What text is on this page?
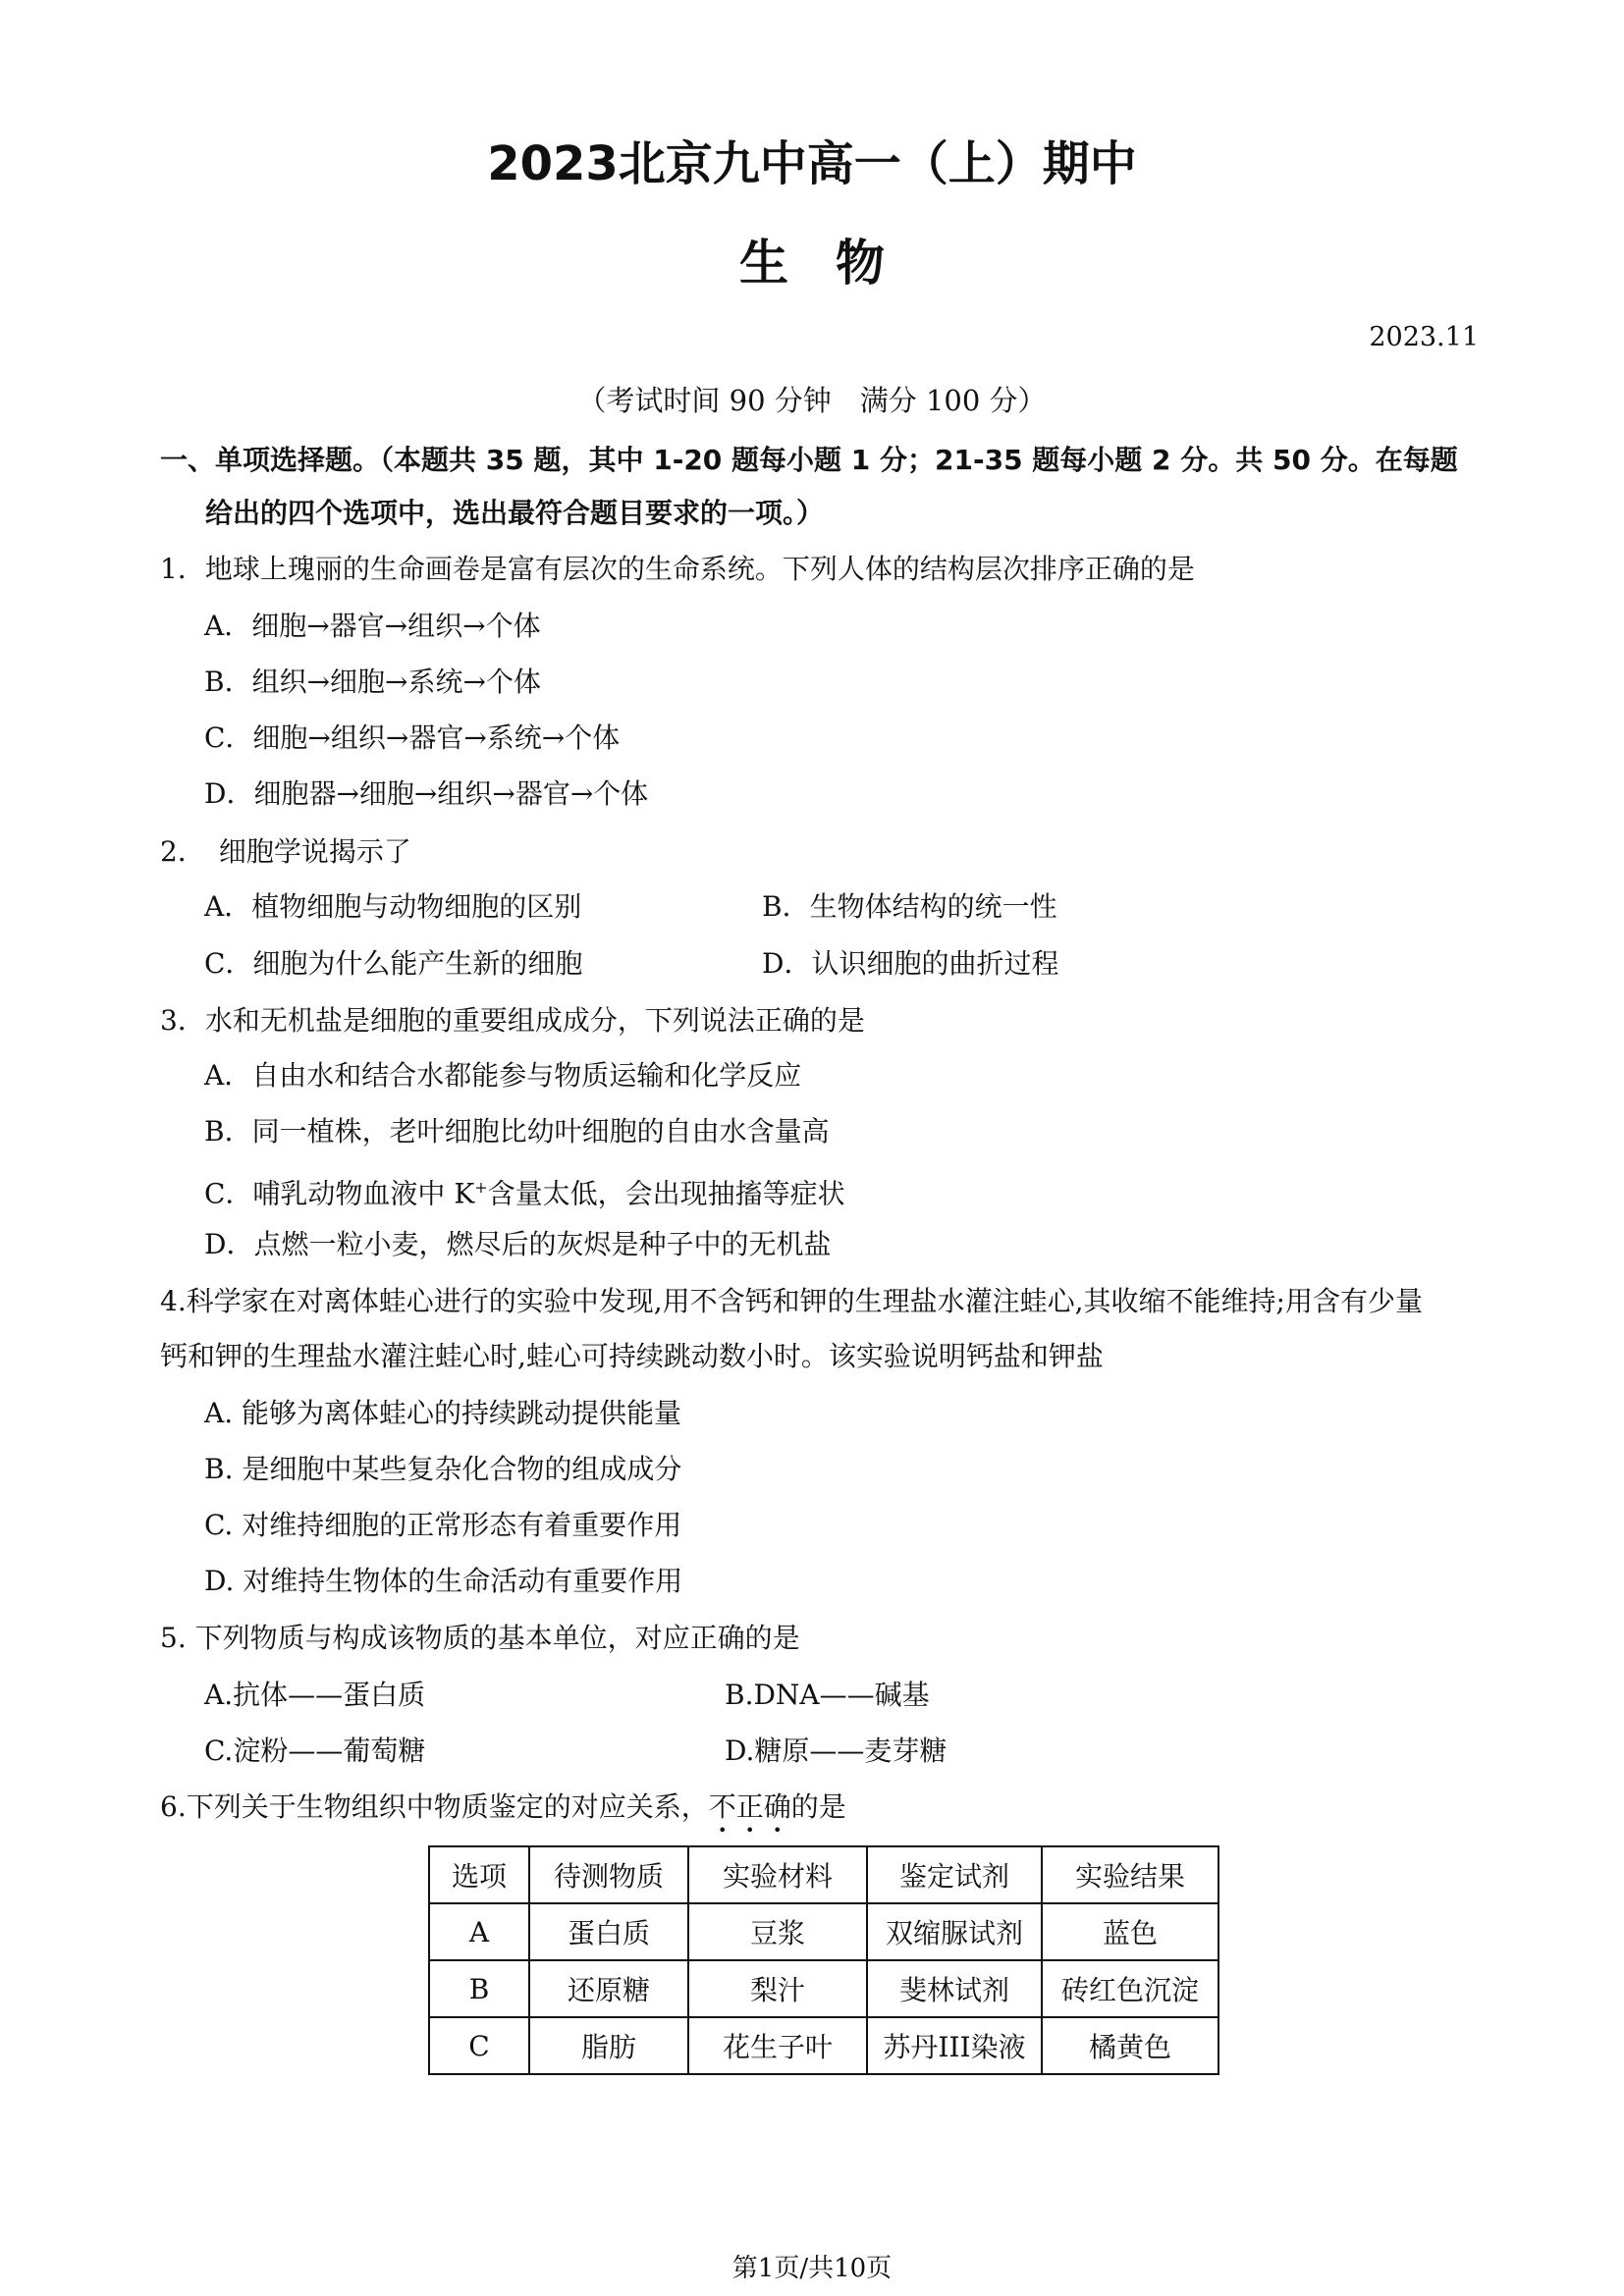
2023北京九中高一（上）期中
生物
2023.11
（考试时间 90 分钟　满分 100 分）
一、单项选择题。（本题共 35 题，其中 1-20 题每小题 1 分；21-35 题每小题 2 分。共 50 分。在每题
给出的四个选项中，选出最符合题目要求的一项。）
1．地球上瑰丽的生命画卷是富有层次的生命系统。下列人体的结构层次排序正确的是
A．细胞→器官→组织→个体
B．组织→细胞→系统→个体
C．细胞→组织→器官→系统→个体
D．细胞器→细胞→组织→器官→个体
2．　细胞学说揭示了
A．植物细胞与动物细胞的区别	B．生物体结构的统一性
C．细胞为什么能产生新的细胞	D．认识细胞的曲折过程
3．水和无机盐是细胞的重要组成成分，下列说法正确的是
A．自由水和结合水都能参与物质运输和化学反应
B．同一植株，老叶细胞比幼叶细胞的自由水含量高
C．哺乳动物血液中 K+含量太低，会出现抽搐等症状
D．点燃一粒小麦，燃尽后的灰烬是种子中的无机盐
4.科学家在对离体蛙心进行的实验中发现,用不含钙和钾的生理盐水灌注蛙心,其收缩不能维持;用含有少量
钙和钾的生理盐水灌注蛙心时,蛙心可持续跳动数小时。该实验说明钙盐和钾盐
A. 能够为离体蛙心的持续跳动提供能量
B. 是细胞中某些复杂化合物的组成成分
C. 对维持细胞的正常形态有着重要作用
D. 对维持生物体的生命活动有重要作用
5. 下列物质与构成该物质的基本单位，对应正确的是
A.抗体——蛋白质	B.DNA——碱基
C.淀粉——葡萄糖	D.糖原——麦芽糖
6.下列关于生物组织中物质鉴定的对应关系，不正确的是
选项	待测物质	实验材料	鉴定试剂	实验结果
A	蛋白质	豆浆	双缩脲试剂	蓝色
B	还原糖	梨汁	斐林试剂	砖红色沉淀
C	脂肪	花生子叶	苏丹III染液	橘黄色
第1页/共10页
